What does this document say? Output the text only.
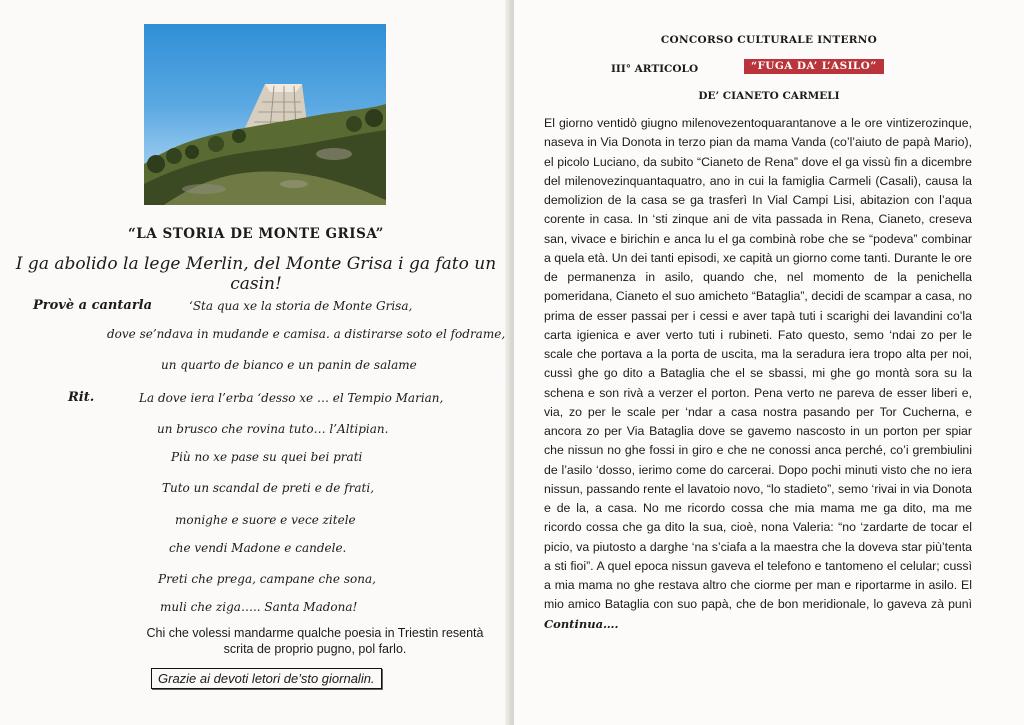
“LA STORIA DE MONTE GRISA”
I ga abolido la lege Merlin, del Monte Grisa i ga fato un casin!
Provè a cantarla	‘Sta qua xe la storia de Monte Grisa,
dove se’ndava in mudande e camisa. a distirarse soto el fodrame,
un quarto de bianco e un panin de salame
Rit.	La dove iera l’erba ‘desso xe … el Tempio Marian,
un brusco che rovina tuto… l’Altipian.
Più no xe pase su quei bei prati
Tuto un scandal de preti e de frati,
monighe e suore e vece zitele
che vendi Madone e candele.
Preti che prega, campane che sona,
muli che ziga….. Santa Madona!
Chi che volessi mandarme qualche poesia in Triestin resentà scrita de proprio pugno, pol farlo.
Grazie ai devoti letori de’sto giornalin.
CONCORSO CULTURALE INTERNO
III° ARTICOLO	“FUGA DA’ L’ASILO”
DE’ CIANETO CARMELI
El giorno ventidò giugno milenovezentoquarantanove a le ore vintizerozinque, naseva in Via Donota in terzo pian da mama Vanda (co’l’aiuto de papà Mario), el picolo Luciano, da subito “Cianeto de Rena” dove el ga vissù fin a dicembre del milenovezinquantaquatro, ano in cui la famiglia Carmeli (Casali), causa la demolizion de la casa se ga trasferì In Vial Campi Lisi, abitazion con l’aqua corente in casa. In ‘sti zinque ani de vita passada in Rena, Cianeto, creseva san, vivace e birichin e anca lu el ga combinà robe che se “podeva” combinar a quela età. Un dei tanti episodi, xe capità un giorno come tanti. Durante le ore de permanenza in asilo, quando che, nel momento de la penichella pomeridana, Cianeto el suo amicheto “Bataglia”, decidi de scampar a casa, no prima de esser passai per i cessi e aver tapà tuti i scarighi dei lavandini co’la carta igienica e aver verto tuti i rubineti. Fato questo, semo ‘ndai zo per le scale che portava a la porta de uscita, ma la seradura iera tropo alta per noi, cussì ghe go dito a Bataglia che el se sbassi, mi ghe go montà sora su la schena e son rivà a verzer el porton. Pena verto ne pareva de esser liberi e, via, zo per le scale per ‘ndar a casa nostra pasando per Tor Cucherna, e ancora zo per Via Bataglia dove se gavemo nascosto in un porton per spiar che nissun no ghe fossi in giro e che ne conossi anca perché, co’i grembiulini de l’asilo ‘dosso, ierimo come do carcerai. Dopo pochi minuti visto che no iera nissun, passando rente el lavatoio novo, “lo stadieto”, semo ‘rivai in via Donota e de la, a casa. No me ricordo cossa che mia mama me ga dito, ma me ricordo cossa che ga dito la sua, cioè, nona Valeria: “no ‘zardarte de tocar el picio, va piutosto a darghe ‘na s’ciafa a la maestra che la doveva star più’tenta a sti fioi”. A quel epoca nissun gaveva el telefono e tantomeno el celular; cussì a mia mama no ghe restava altro che ciorme per man e riportarme in asilo. El mio amico Bataglia con suo papà, che de bon meridionale, lo gaveva zà punì Continua….
